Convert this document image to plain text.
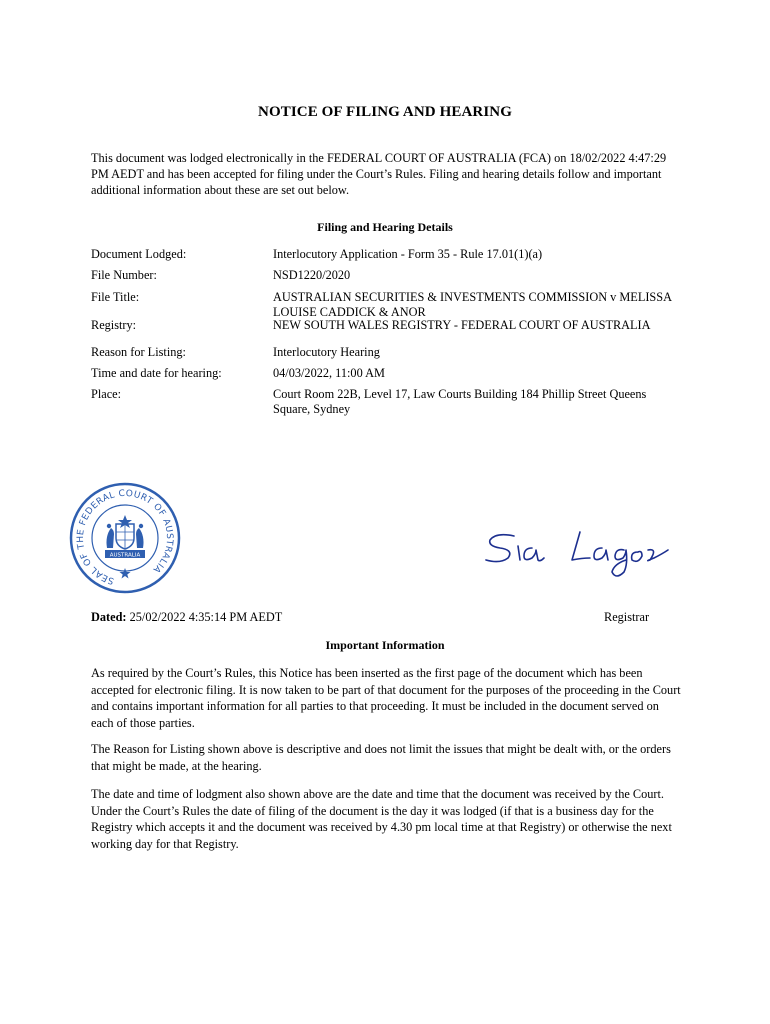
NOTICE OF FILING AND HEARING
This document was lodged electronically in the FEDERAL COURT OF AUSTRALIA (FCA) on 18/02/2022 4:47:29 PM AEDT and has been accepted for filing under the Court’s Rules. Filing and hearing details follow and important additional information about these are set out below.
Filing and Hearing Details
Document Lodged:	Interlocutory Application - Form 35 - Rule 17.01(1)(a)
File Number:	NSD1220/2020
File Title:	AUSTRALIAN SECURITIES & INVESTMENTS COMMISSION v MELISSA LOUISE CADDICK & ANOR
Registry:	NEW SOUTH WALES REGISTRY - FEDERAL COURT OF AUSTRALIA
Reason for Listing:	Interlocutory Hearing
Time and date for hearing:	04/03/2022, 11:00 AM
Place:	Court Room 22B, Level 17, Law Courts Building 184 Phillip Street Queens Square, Sydney
SEAL OF THE FEDERAL COURT OF AUSTRALIA
AUSTRALIA
Dated: 25/02/2022 4:35:14 PM AEDT	Registrar
Important Information
As required by the Court’s Rules, this Notice has been inserted as the first page of the document which has been accepted for electronic filing. It is now taken to be part of that document for the purposes of the proceeding in the Court and contains important information for all parties to that proceeding. It must be included in the document served on each of those parties.
The Reason for Listing shown above is descriptive and does not limit the issues that might be dealt with, or the orders that might be made, at the hearing.
The date and time of lodgment also shown above are the date and time that the document was received by the Court. Under the Court’s Rules the date of filing of the document is the day it was lodged (if that is a business day for the Registry which accepts it and the document was received by 4.30 pm local time at that Registry) or otherwise the next working day for that Registry.
